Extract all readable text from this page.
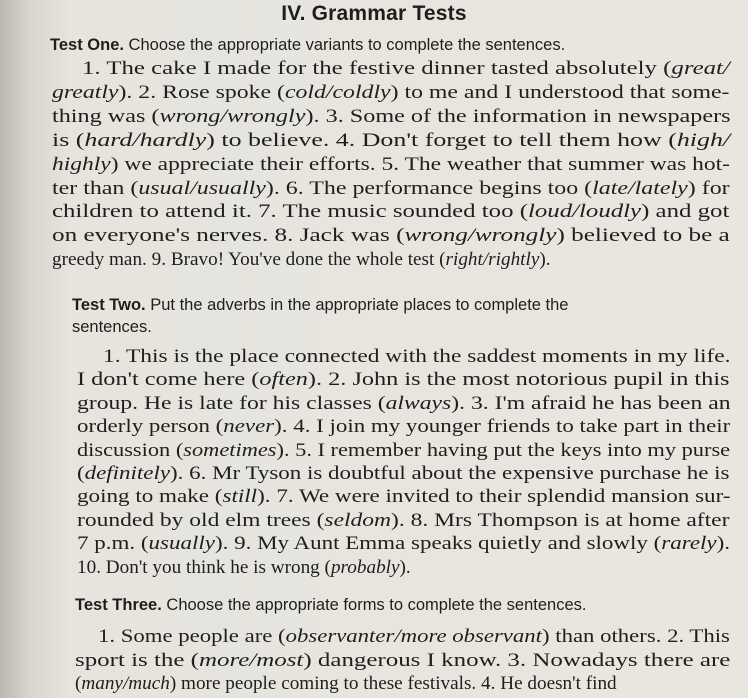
IV. Grammar Tests

Test One. Choose the appropriate variants to complete the sentences.

1. The cake I made for the festive dinner tasted absolutely (great/

greatly). 2. Rose spoke (cold/coldly) to me and I understood that some-

thing was (wrong/wrongly). 3. Some of the information in newspapers

is (hard/hardly) to believe. 4. Don't forget to tell them how (high/

highly) we appreciate their efforts. 5. The weather that summer was hot-

ter than (usual/usually). 6. The performance begins too (late/lately) for

children to attend it. 7. The music sounded too (loud/loudly) and got

on everyone's nerves. 8. Jack was (wrong/wrongly) believed to be a

greedy man. 9. Bravo! You've done the whole test (right/rightly).

Test Two. Put the adverbs in the appropriate places to complete the

sentences.

1. This is the place connected with the saddest moments in my life.

I don't come here (often). 2. John is the most notorious pupil in this

group. He is late for his classes (always). 3. I'm afraid he has been an

orderly person (never). 4. I join my younger friends to take part in their

discussion (sometimes). 5. I remember having put the keys into my purse

(definitely). 6. Mr Tyson is doubtful about the expensive purchase he is

going to make (still). 7. We were invited to their splendid mansion sur-

rounded by old elm trees (seldom). 8. Mrs Thompson is at home after

7 p.m. (usually). 9. My Aunt Emma speaks quietly and slowly (rarely).

10. Don't you think he is wrong (probably).

Test Three. Choose the appropriate forms to complete the sentences.

1. Some people are (observanter/more observant) than others. 2. This

sport is the (more/most) dangerous I know. 3. Nowadays there are

(many/much) more people coming to these festivals. 4. He doesn't find
